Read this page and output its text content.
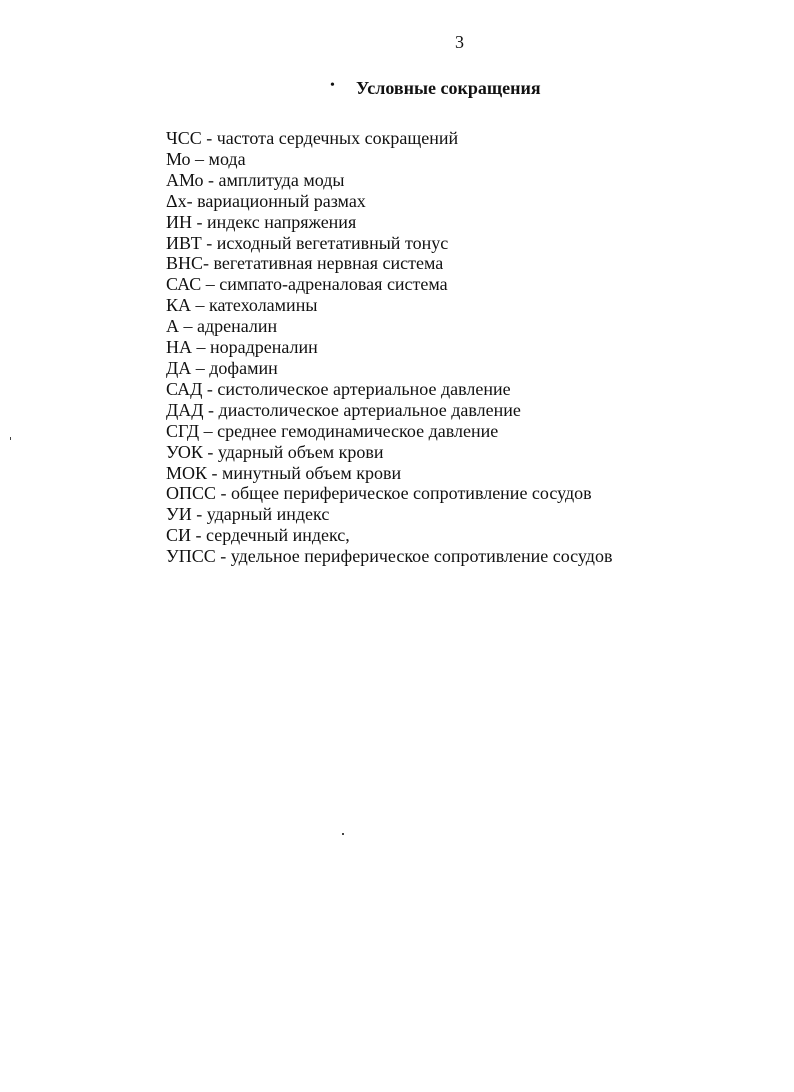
3
•	Условные сокращения
ЧСС - частота сердечных сокращений
Мо – мода
АМо - амплитуда моды
Δх- вариационный размах
ИН - индекс напряжения
ИВТ - исходный вегетативный тонус
ВНС- вегетативная нервная система
САС – симпато-адреналовая система
КА – катехоламины
А – адреналин
НА – норадреналин
ДА – дофамин
САД - систолическое артериальное давление
ДАД - диастолическое артериальное давление
СГД – среднее гемодинамическое давление
УОК - ударный объем крови
МОК - минутный объем крови
ОПСС - общее периферическое сопротивление сосудов
УИ - ударный индекс
СИ - сердечный индекс,
УПСС - удельное периферическое сопротивление сосудов
